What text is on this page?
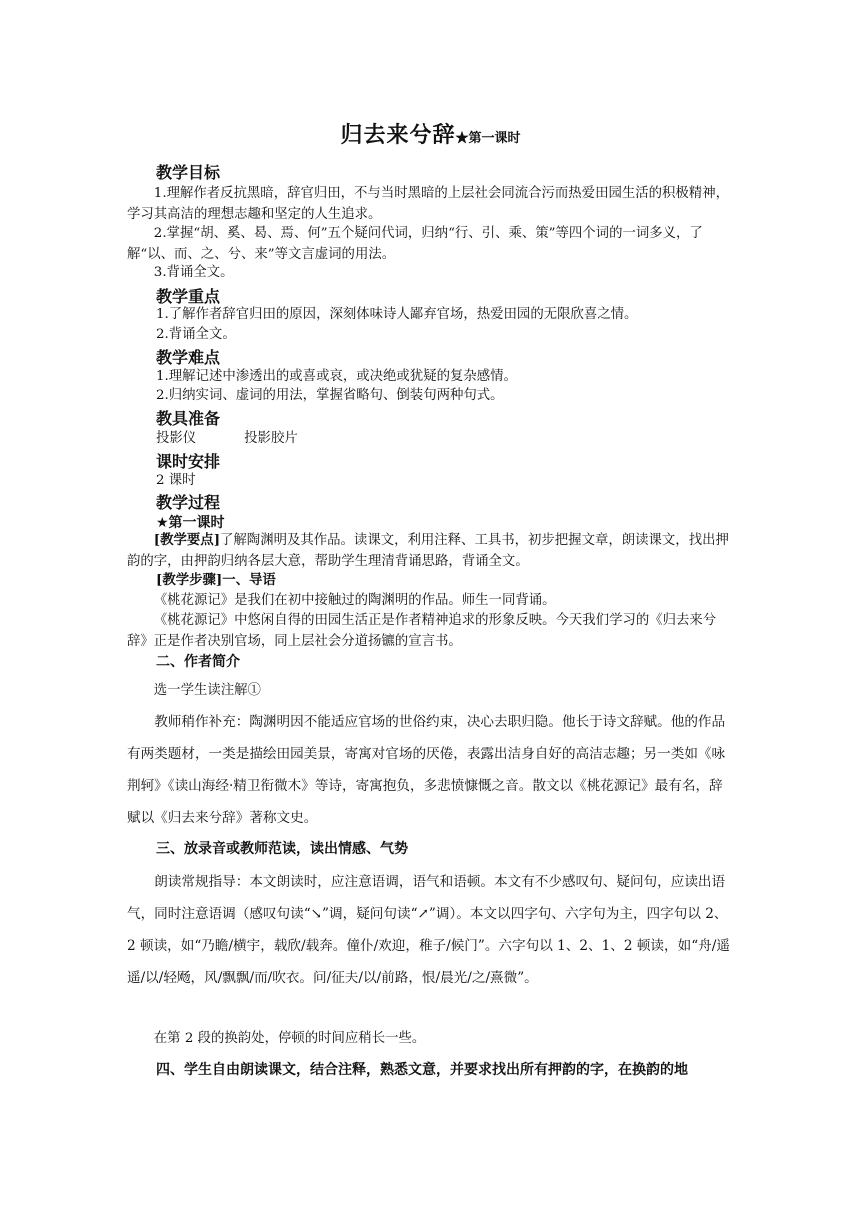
归去来兮辞★第一课时
教学目标
1.理解作者反抗黑暗，辞官归田，不与当时黑暗的上层社会同流合污而热爱田园生活的积极精神，学习其高洁的理想志趣和坚定的人生追求。
2.掌握“胡、奚、曷、焉、何”五个疑问代词，归纳“行、引、乘、策”等四个词的一词多义，了解“以、而、之、兮、来”等文言虚词的用法。
3.背诵全文。
教学重点
1.了解作者辞官归田的原因，深刻体味诗人鄙弃官场，热爱田园的无限欣喜之情。
2.背诵全文。
教学难点
1.理解记述中渗透出的或喜或哀，或决绝或犹疑的复杂感情。
2.归纳实词、虚词的用法，掌握省略句、倒装句两种句式。
教具准备
投影仪	投影胶片
课时安排
2 课时
教学过程
★第一课时
[教学要点]了解陶渊明及其作品。读课文，利用注释、工具书，初步把握文章，朗读课文，找出押韵的字，由押韵归纳各层大意，帮助学生理清背诵思路，背诵全文。
[教学步骤]一、导语
《桃花源记》是我们在初中接触过的陶渊明的作品。师生一同背诵。
《桃花源记》中悠闲自得的田园生活正是作者精神追求的形象反映。今天我们学习的《归去来兮辞》正是作者决别官场，同上层社会分道扬镳的宣言书。
二、作者简介
选一学生读注解①
教师稍作补充：陶渊明因不能适应官场的世俗约束，决心去职归隐。他长于诗文辞赋。他的作品有两类题材，一类是描绘田园美景，寄寓对官场的厌倦，表露出洁身自好的高洁志趣；另一类如《咏荆轲》《读山海经·精卫衔微木》等诗，寄寓抱负，多悲愤慷慨之音。散文以《桃花源记》最有名，辞赋以《归去来兮辞》著称文史。
三、放录音或教师范读，读出情感、气势
朗读常规指导：本文朗读时，应注意语调，语气和语顿。本文有不少感叹句、疑问句，应读出语气，同时注意语调（感叹句读“↘”调，疑问句读“↗”调）。本文以四字句、六字句为主，四字句以 2、2 顿读，如“乃瞻/横宇，载欣/载奔。僮仆/欢迎，稚子/候门”。六字句以 1、2、1、2 顿读，如“舟/遥遥/以/轻飏，风/飘飘/而/吹衣。问/征夫/以/前路，恨/晨光/之/熹微”。
在第 2 段的换韵处，停顿的时间应稍长一些。
四、学生自由朗读课文，结合注释，熟悉文意，并要求找出所有押韵的字，在换韵的地
